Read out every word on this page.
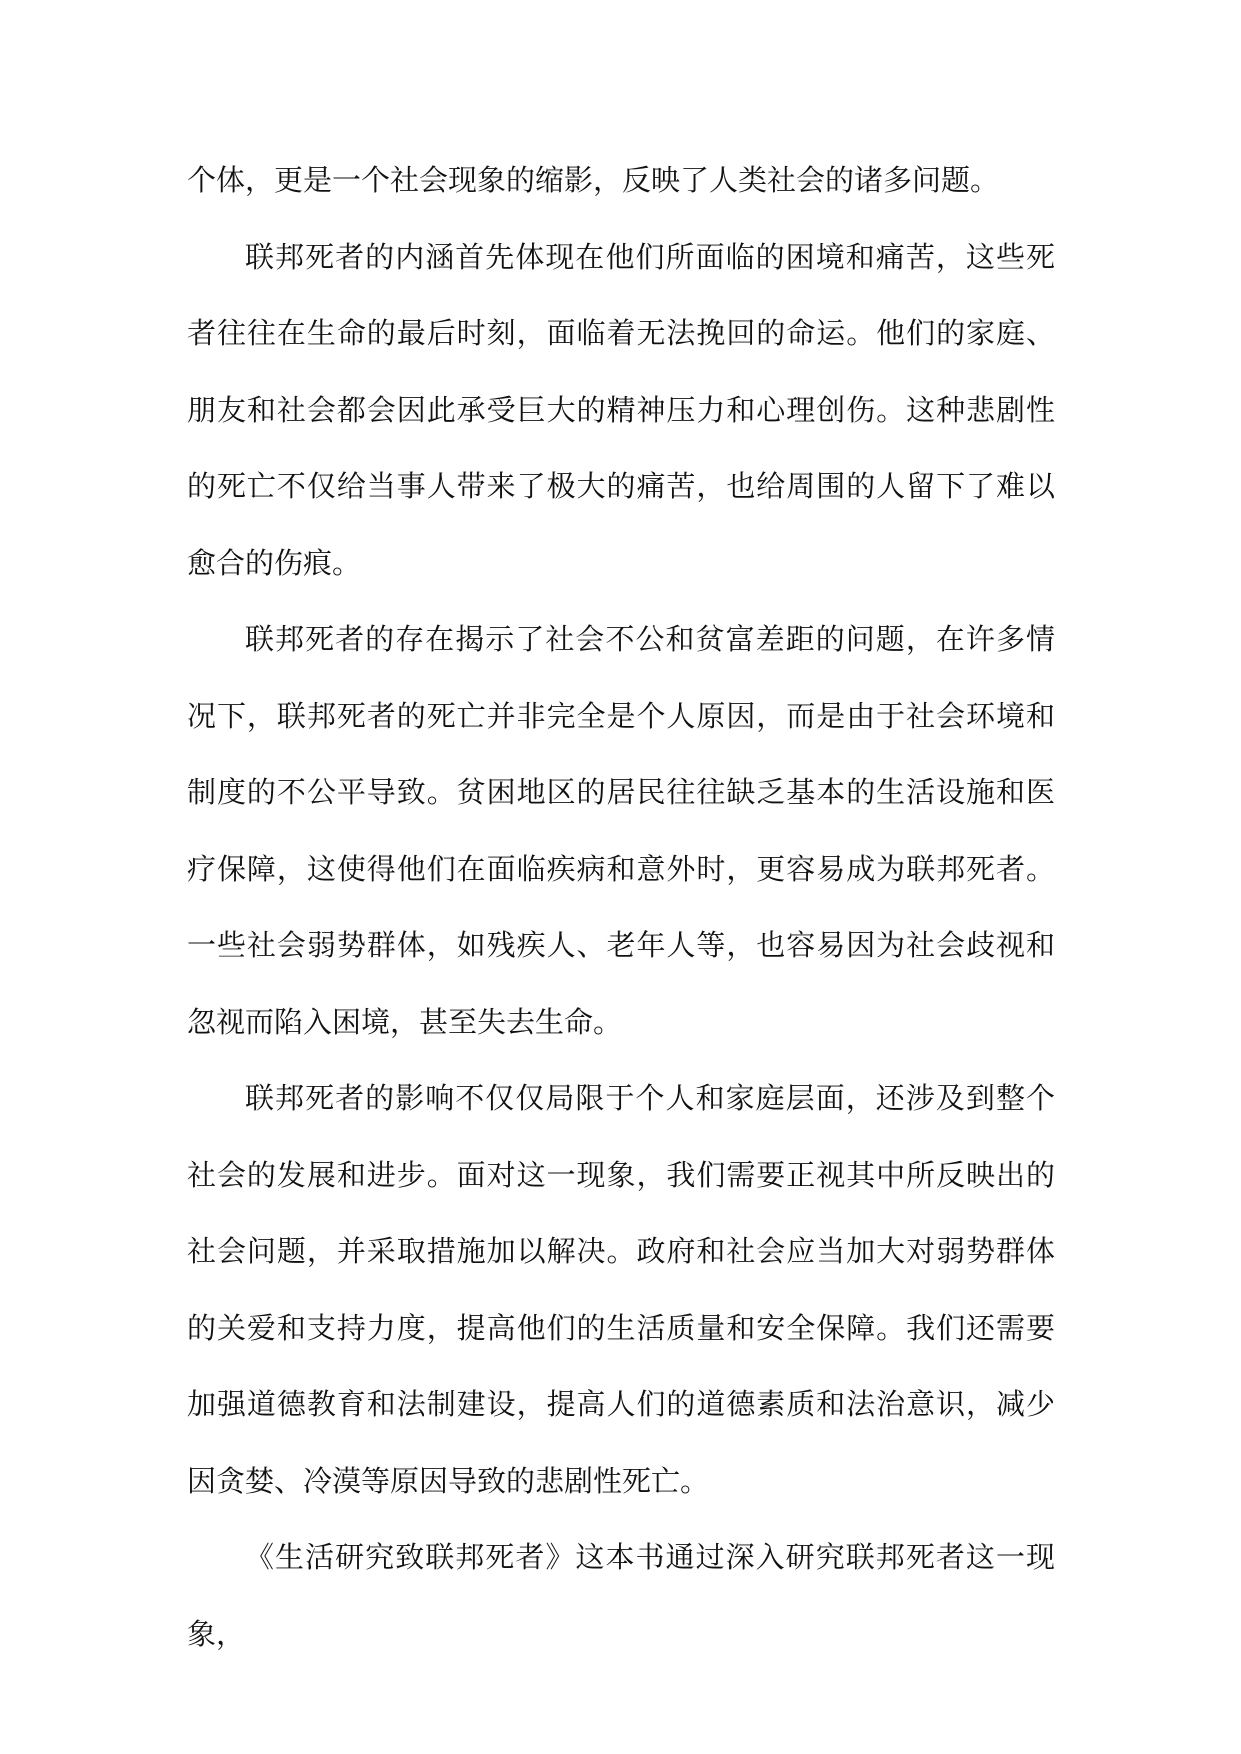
个体，更是一个社会现象的缩影，反映了人类社会的诸多问题。

联邦死者的内涵首先体现在他们所面临的困境和痛苦，这些死者往往在生命的最后时刻，面临着无法挽回的命运。他们的家庭、朋友和社会都会因此承受巨大的精神压力和心理创伤。这种悲剧性的死亡不仅给当事人带来了极大的痛苦，也给周围的人留下了难以愈合的伤痕。

联邦死者的存在揭示了社会不公和贫富差距的问题，在许多情况下，联邦死者的死亡并非完全是个人原因，而是由于社会环境和制度的不公平导致。贫困地区的居民往往缺乏基本的生活设施和医疗保障，这使得他们在面临疾病和意外时，更容易成为联邦死者。一些社会弱势群体，如残疾人、老年人等，也容易因为社会歧视和忽视而陷入困境，甚至失去生命。

联邦死者的影响不仅仅局限于个人和家庭层面，还涉及到整个社会的发展和进步。面对这一现象，我们需要正视其中所反映出的社会问题，并采取措施加以解决。政府和社会应当加大对弱势群体的关爱和支持力度，提高他们的生活质量和安全保障。我们还需要加强道德教育和法制建设，提高人们的道德素质和法治意识，减少因贪婪、冷漠等原因导致的悲剧性死亡。

《生活研究致联邦死者》这本书通过深入研究联邦死者这一现象，
